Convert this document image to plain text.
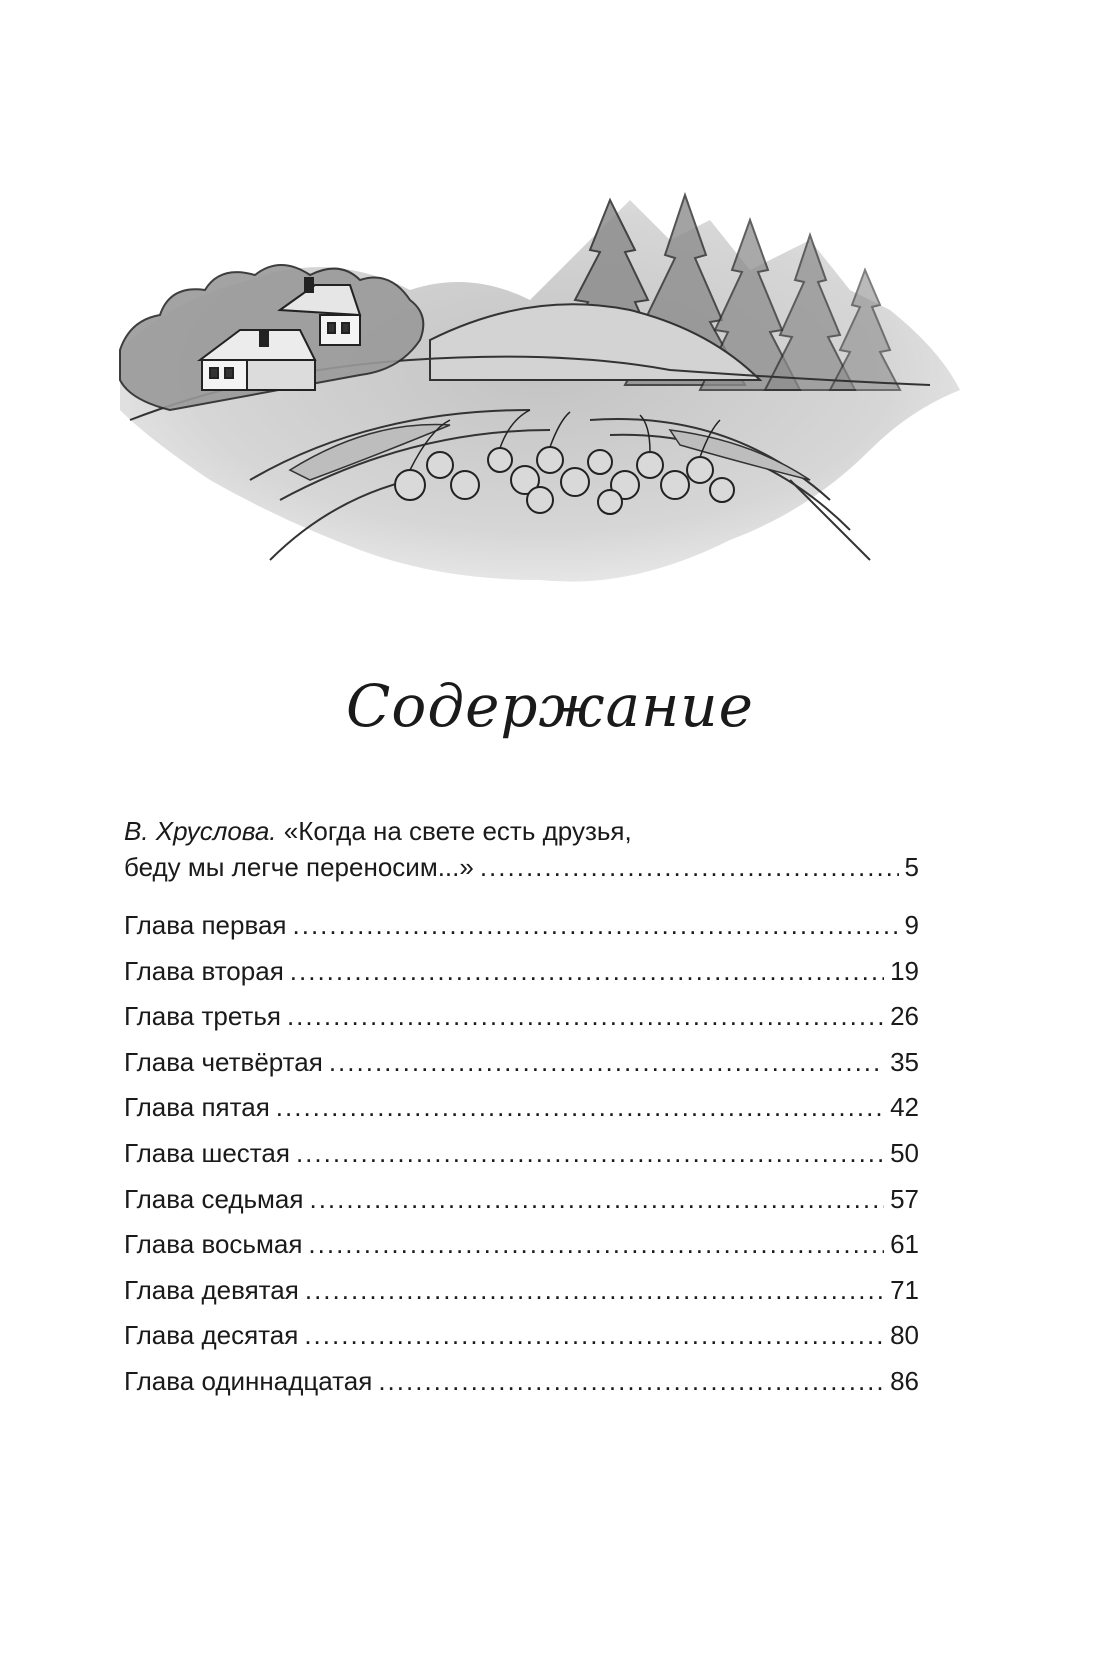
Содержание
В. Хруслова. «Когда на свете есть друзья,
беду мы легче переносим...» .....	5
Глава первая .....	9
Глава вторая .....	19
Глава третья .....	26
Глава четвёртая .....	35
Глава пятая .....	42
Глава шестая .....	50
Глава седьмая .....	57
Глава восьмая .....	61
Глава девятая .....	71
Глава десятая .....	80
Глава одиннадцатая .....	86
